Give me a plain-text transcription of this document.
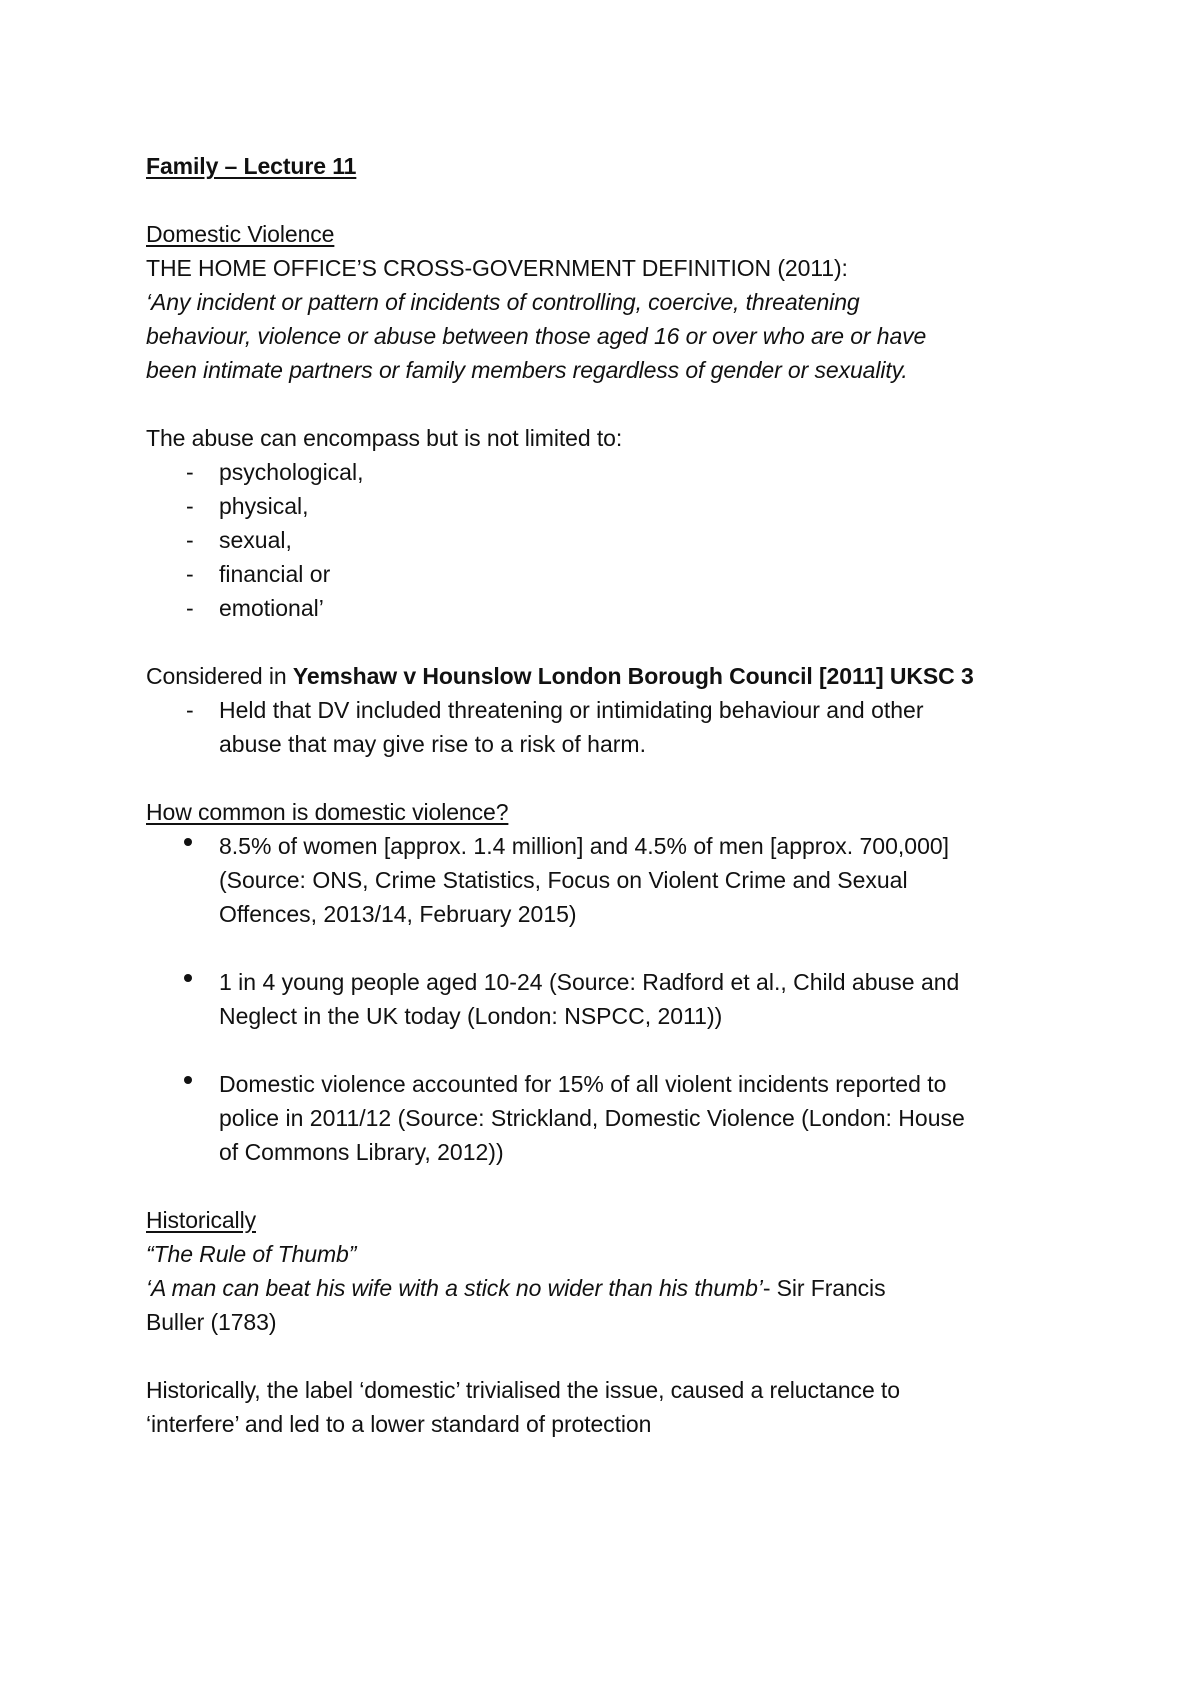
Family – Lecture 11
Domestic Violence
THE HOME OFFICE’S CROSS-GOVERNMENT DEFINITION (2011):
‘Any incident or pattern of incidents of controlling, coercive, threatening
behaviour, violence or abuse between those aged 16 or over who are or have
been intimate partners or family members regardless of gender or sexuality.
The abuse can encompass but is not limited to:
- psychological,
- physical,
- sexual,
- financial or
- emotional’
Considered in Yemshaw v Hounslow London Borough Council [2011] UKSC 3
- Held that DV included threatening or intimidating behaviour and other
abuse that may give rise to a risk of harm.
How common is domestic violence?
8.5% of women [approx. 1.4 million] and 4.5% of men [approx. 700,000]
(Source: ONS, Crime Statistics, Focus on Violent Crime and Sexual
Offences, 2013/14, February 2015)
1 in 4 young people aged 10-24 (Source: Radford et al., Child abuse and
Neglect in the UK today (London: NSPCC, 2011))
Domestic violence accounted for 15% of all violent incidents reported to
police in 2011/12 (Source: Strickland, Domestic Violence (London: House
of Commons Library, 2012))
Historically
“The Rule of Thumb”
‘A man can beat his wife with a stick no wider than his thumb’- Sir Francis
Buller (1783)
Historically, the label ‘domestic’ trivialised the issue, caused a reluctance to
‘interfere’ and led to a lower standard of protection
